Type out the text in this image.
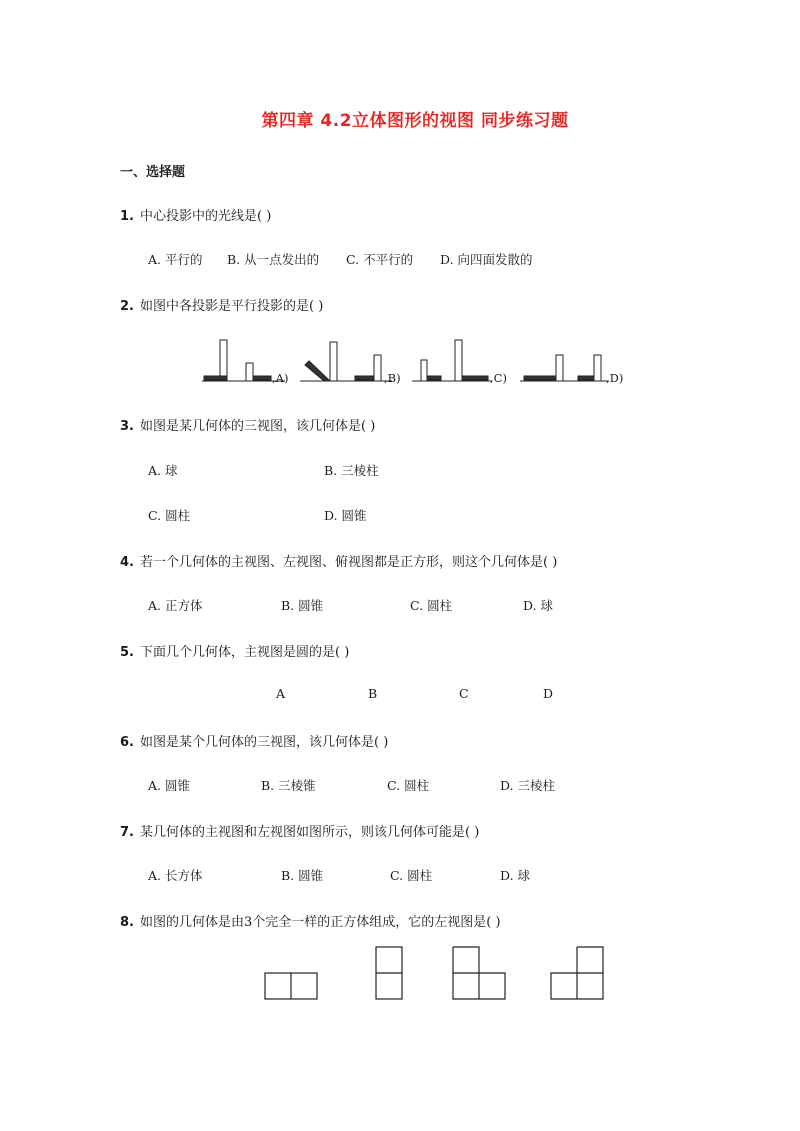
第四章 4.2立体图形的视图 同步练习题
一、选择题
1. 中心投影中的光线是( )
A. 平行的 B. 从一点发出的 C. 不平行的 D. 向四面发散的
2. 如图中各投影是平行投影的是( )
,A)	,B)	,C)	,D)
3. 如图是某几何体的三视图，该几何体是( )
A. 球	B. 三棱柱
C. 圆柱	D. 圆锥
4. 若一个几何体的主视图、左视图、俯视图都是正方形，则这个几何体是( )
A. 正方体	B. 圆锥	C. 圆柱	D. 球
5. 下面几个几何体，主视图是圆的是( )
A	B	C	D
6. 如图是某个几何体的三视图，该几何体是( )
A. 圆锥	B. 三棱锥	C. 圆柱	D. 三棱柱
7. 某几何体的主视图和左视图如图所示，则该几何体可能是( )
A. 长方体	B. 圆锥	C. 圆柱	D. 球
8. 如图的几何体是由3个完全一样的正方体组成，它的左视图是( )
